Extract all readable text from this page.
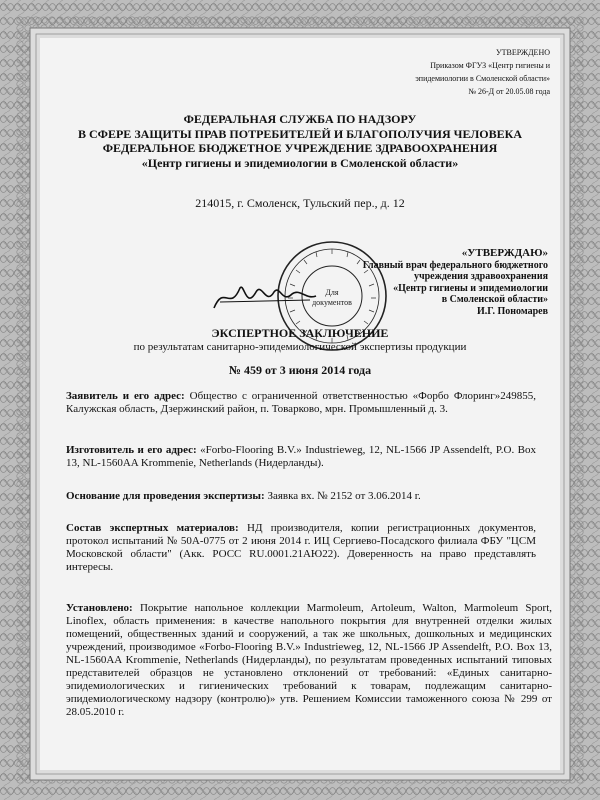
УТВЕРЖДЕНО
Приказом ФГУЗ «Центр гигиены и
эпидемиологии в Смоленской области»
№ 26-Д от 20.05.08 года
ФЕДЕРАЛЬНАЯ СЛУЖБА ПО НАДЗОРУ
В СФЕРЕ ЗАЩИТЫ ПРАВ ПОТРЕБИТЕЛЕЙ И БЛАГОПОЛУЧИЯ ЧЕЛОВЕКА
ФЕДЕРАЛЬНОЕ БЮДЖЕТНОЕ УЧРЕЖДЕНИЕ ЗДРАВООХРАНЕНИЯ
«Центр гигиены и эпидемиологии в Смоленской области»
214015, г. Смоленск, Тульский пер., д. 12
Для
документов
«УТВЕРЖДАЮ»
Главный врач федерального бюджетного
учреждения здравоохранения
«Центр гигиены и эпидемиологии
в Смоленской области»
И.Г. Пономарев
ЭКСПЕРТНОЕ ЗАКЛЮЧЕНИЕ
по результатам санитарно-эпидемиологической экспертизы продукции
№ 459 от 3 июня 2014 года
Заявитель и его адрес: Общество с ограниченной ответственностью «Форбо Флоринг»249855, Калужская область, Дзержинский район, п. Товарково, мрн. Промышленный д. 3.
Изготовитель и его адрес: «Forbo-Flooring B.V.» Industrieweg, 12, NL-1566 JP Assendelft, P.O. Box 13, NL-1560AA Krommenie, Netherlands (Нидерланды).
Основание для проведения экспертизы: Заявка вх. № 2152 от 3.06.2014 г.
Состав экспертных материалов: НД производителя, копии регистрационных документов, протокол испытаний № 50А-0775 от 2 июня 2014 г. ИЦ Сергиево-Посадского филиала ФБУ "ЦСМ Московской области" (Акк. РОСС RU.0001.21АЮ22). Доверенность на право представлять интересы.
Установлено: Покрытие напольное коллекции Marmoleum, Artoleum, Walton, Marmoleum Sport, Linoflex, область применения: в качестве напольного покрытия для внутренней отделки жилых помещений, общественных зданий и сооружений, а так же школьных, дошкольных и медицинских учреждений, производимое «Forbo-Flooring B.V.» Industrieweg, 12, NL-1566 JP Assendelft, P.O. Box 13, NL-1560AA Krommenie, Netherlands (Нидерланды), по результатам проведенных испытаний типовых представителей образцов не установлено отклонений от требований: «Единых санитарно-эпидемиологических и гигиенических требований к товарам, подлежащим санитарно-эпидемиологическому надзору (контролю)» утв. Решением Комиссии таможенного союза № 299 от 28.05.2010 г.
